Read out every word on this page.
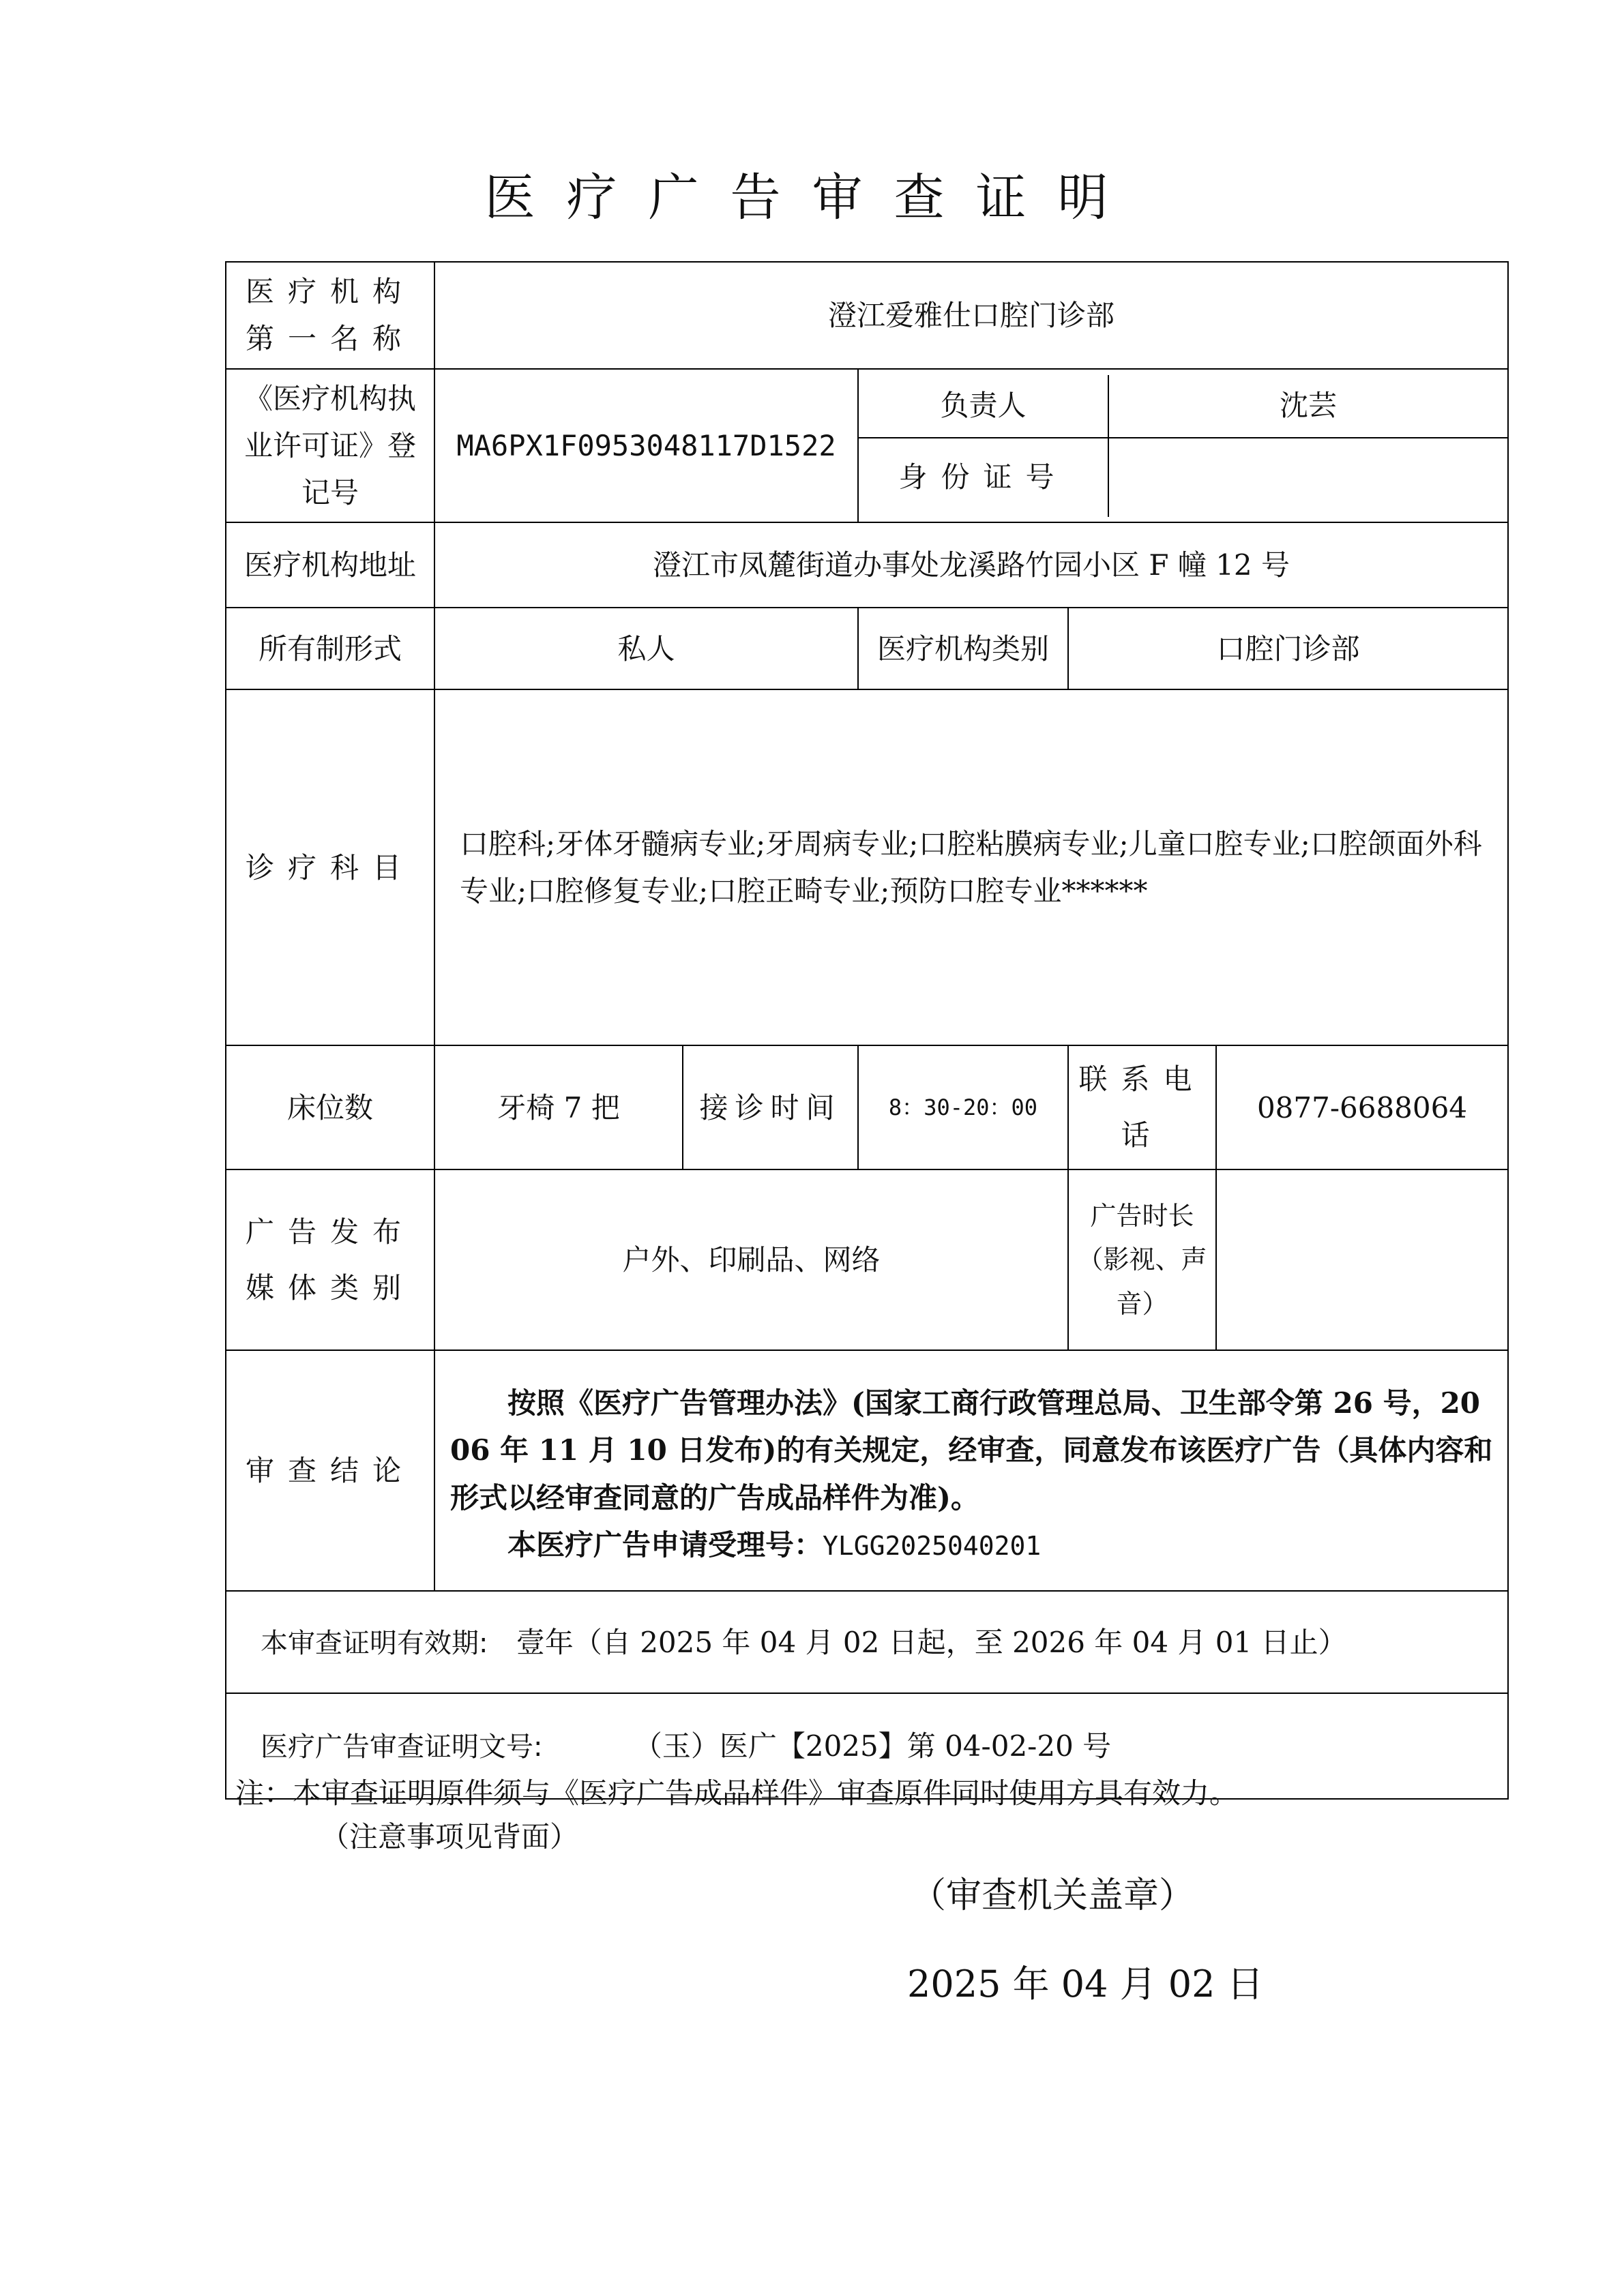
医疗广告审查证明
医疗机构第一名称	澄江爱雅仕口腔门诊部
《医疗机构执业许可证》登记号	MA6PX1F0953048117D1522	
负责人	沈芸
身份证号	

医疗机构地址	澄江市凤麓街道办事处龙溪路竹园小区 F 幢 12 号
所有制形式	私人	医疗机构类别	口腔门诊部
诊疗科目	口腔科;牙体牙髓病专业;牙周病专业;口腔粘膜病专业;儿童口腔专业;口腔颌面外科专业;口腔修复专业;口腔正畸专业;预防口腔专业******
床位数	牙椅 7 把	接诊时间	8：30-20：00	联系电话	0877-6688064
广告发布媒体类别	户外、印刷品、网络	广告时长（影视、声音）	
审查结论	
按照《医疗广告管理办法》(国家工商行政管理总局、卫生部令第 26 号，2006 年 11 月 10 日发布)的有关规定，经审查，同意发布该医疗广告（具体内容和形式以经审查同意的广告成品样件为准)。
本医疗广告申请受理号：YLGG2025040201

本审查证明有效期: 壹年（自 2025 年 04 月 02 日起，至 2026 年 04 月 01 日止）
医疗广告审查证明文号:	（玉）医广【2025】第 04-02-20 号
注：本审查证明原件须与《医疗广告成品样件》审查原件同时使用方具有效力。
（注意事项见背面）
（审查机关盖章）
2025 年 04 月 02 日
